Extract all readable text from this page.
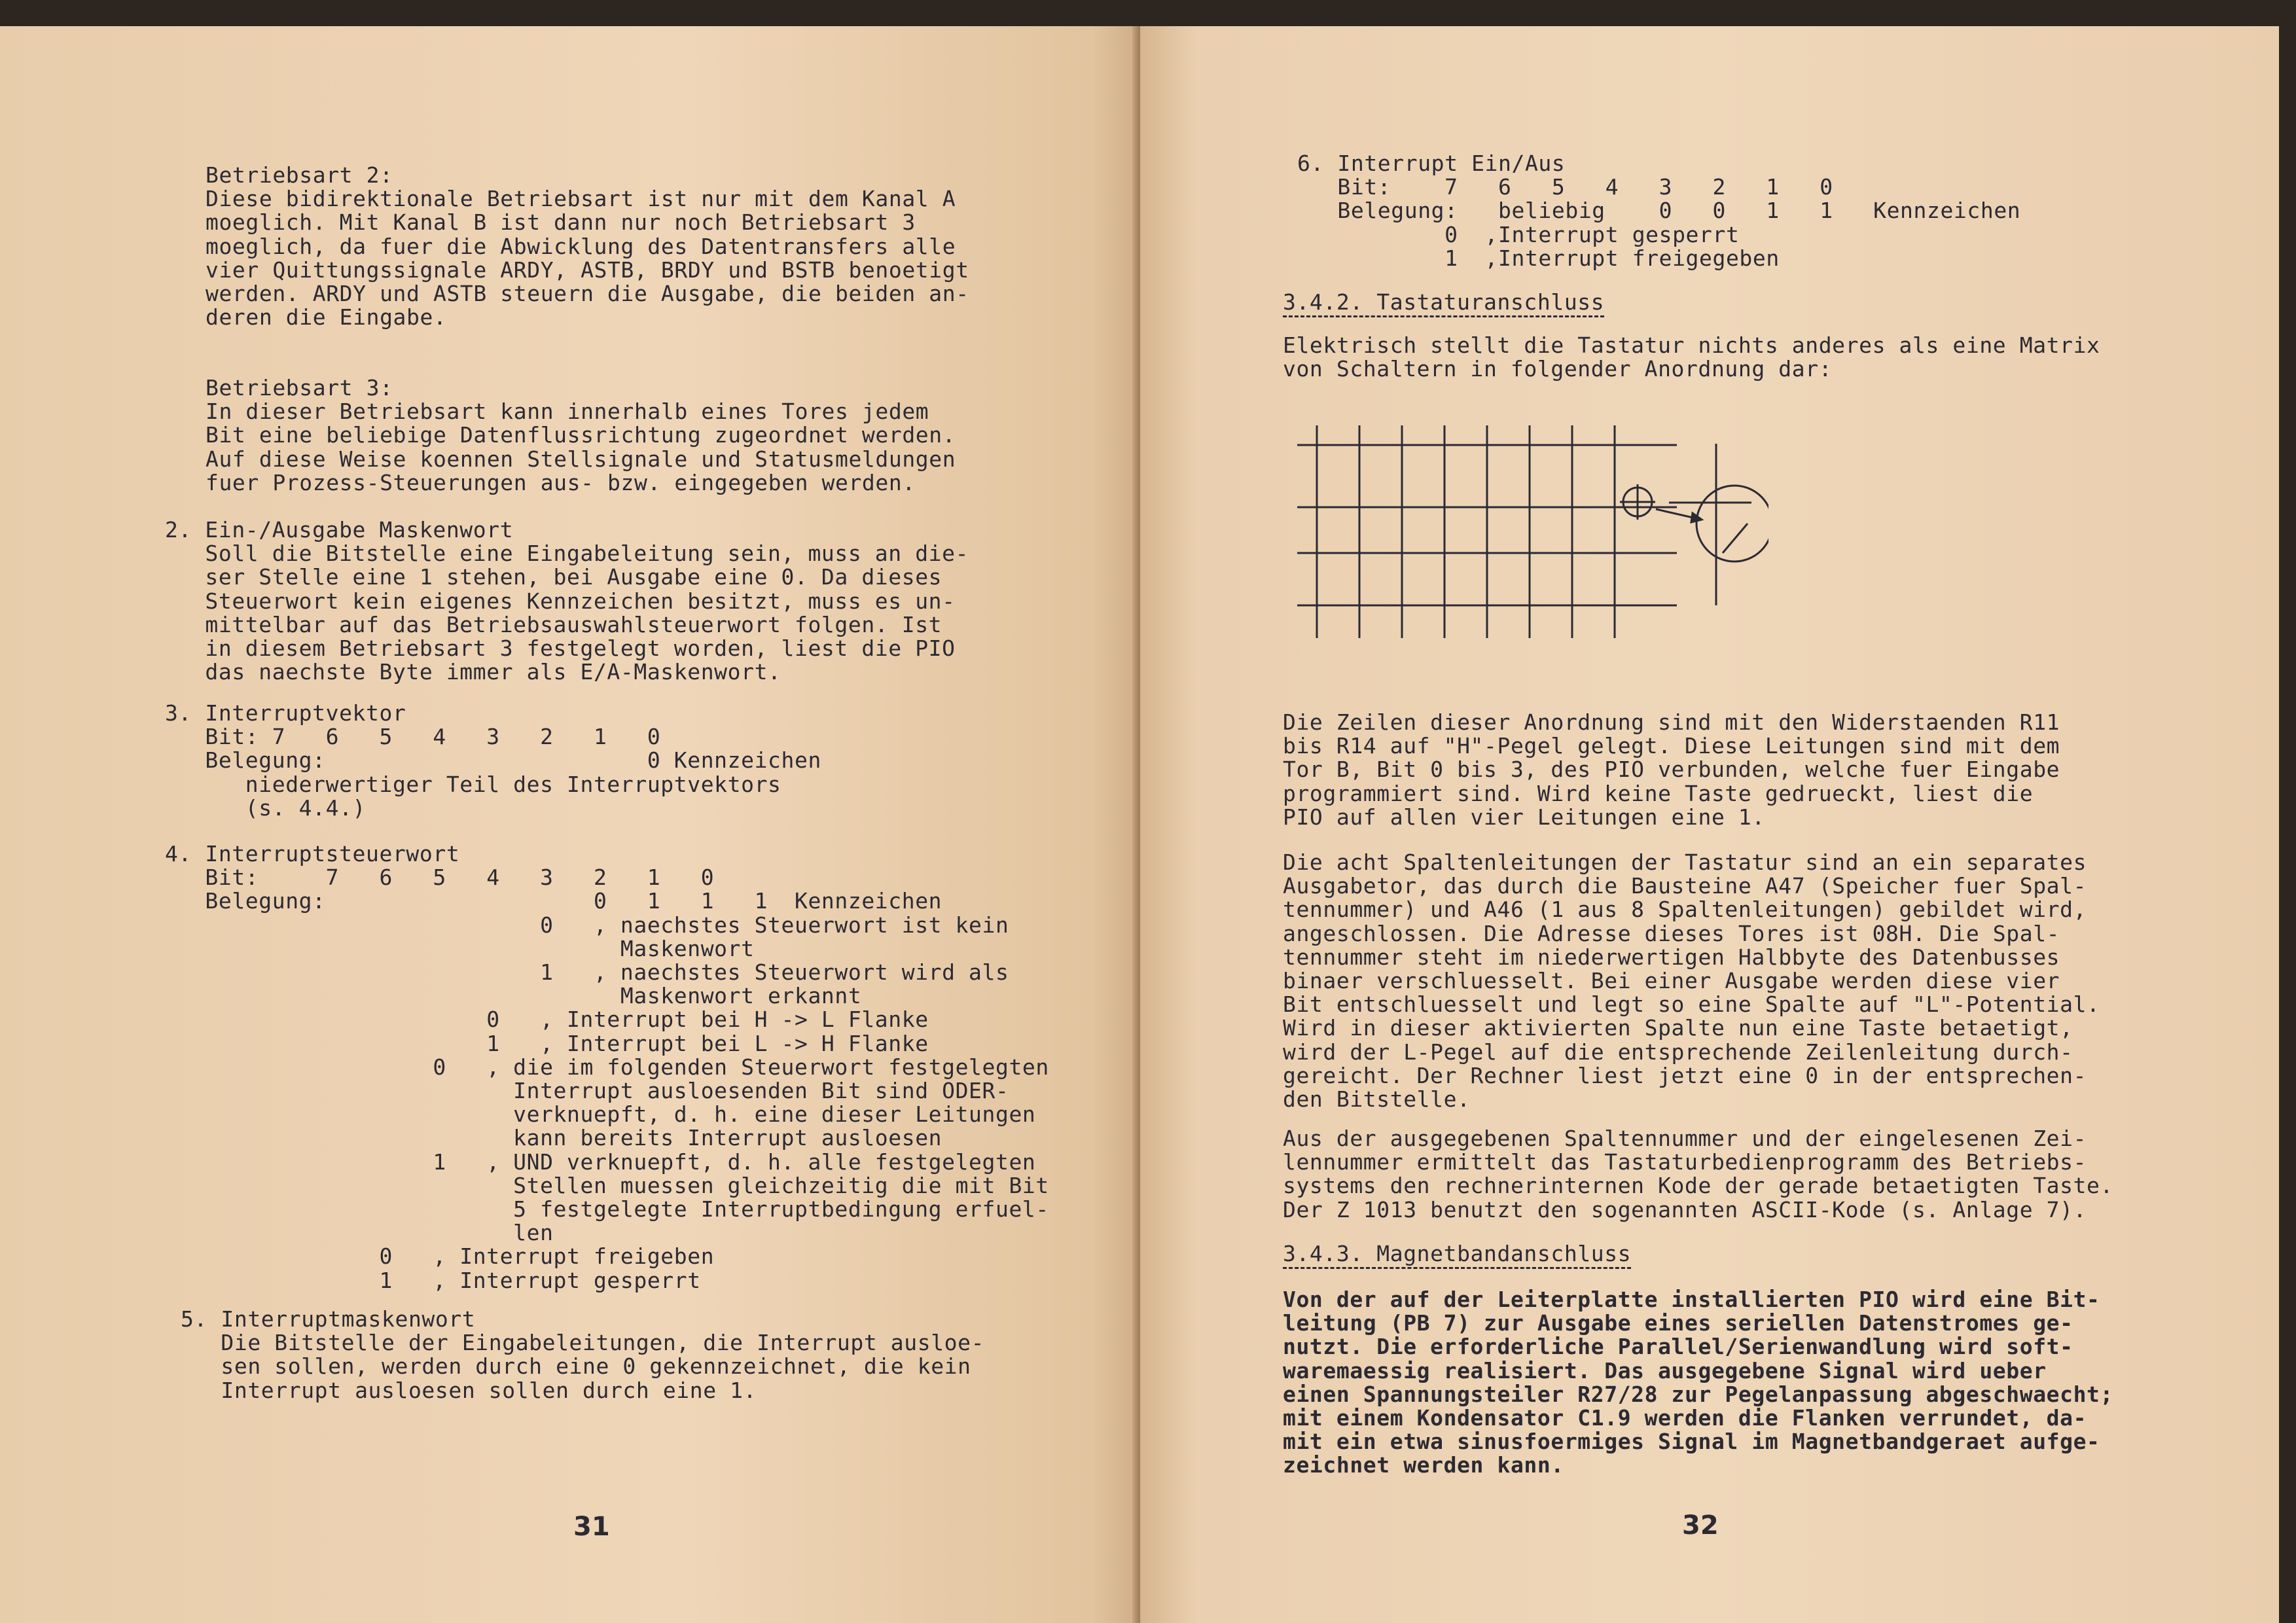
Betriebsart 2:
Diese bidirektionale Betriebsart ist nur mit dem Kanal A
moeglich. Mit Kanal B ist dann nur noch Betriebsart 3
moeglich, da fuer die Abwicklung des Datentransfers alle
vier Quittungssignale ARDY, ASTB, BRDY und BSTB benoetigt
werden. ARDY und ASTB steuern die Ausgabe, die beiden an-
deren die Eingabe.
Betriebsart 3:
In dieser Betriebsart kann innerhalb eines Tores jedem
Bit eine beliebige Datenflussrichtung zugeordnet werden.
Auf diese Weise koennen Stellsignale und Statusmeldungen
fuer Prozess-Steuerungen aus- bzw. eingegeben werden.
2. Ein-/Ausgabe Maskenwort
Soll die Bitstelle eine Eingabeleitung sein, muss an die-
ser Stelle eine 1 stehen, bei Ausgabe eine 0. Da dieses
Steuerwort kein eigenes Kennzeichen besitzt, muss es un-
mittelbar auf das Betriebsauswahlsteuerwort folgen. Ist
in diesem Betriebsart 3 festgelegt worden, liest die PIO
das naechste Byte immer als E/A-Maskenwort.
3. Interruptvektor
Bit: 7   6   5   4   3   2   1   0
Belegung:                        0 Kennzeichen
niederwertiger Teil des Interruptvektors
(s. 4.4.)
4. Interruptsteuerwort
Bit:     7   6   5   4   3   2   1   0
Belegung:                    0   1   1   1  Kennzeichen
0   , naechstes Steuerwort ist kein
Maskenwort
1   , naechstes Steuerwort wird als
Maskenwort erkannt
0   , Interrupt bei H -> L Flanke
1   , Interrupt bei L -> H Flanke
0   , die im folgenden Steuerwort festgelegten
Interrupt ausloesenden Bit sind ODER-
verknuepft, d. h. eine dieser Leitungen
kann bereits Interrupt ausloesen
1   , UND verknuepft, d. h. alle festgelegten
Stellen muessen gleichzeitig die mit Bit
5 festgelegte Interruptbedingung erfuel-
len
0   , Interrupt freigeben
1   , Interrupt gesperrt
5. Interruptmaskenwort
Die Bitstelle der Eingabeleitungen, die Interrupt ausloe-
sen sollen, werden durch eine 0 gekennzeichnet, die kein
Interrupt ausloesen sollen durch eine 1.
31
6. Interrupt Ein/Aus
Bit:    7   6   5   4   3   2   1   0
Belegung:   beliebig    0   0   1   1   Kennzeichen
0  ,Interrupt gesperrt
1  ,Interrupt freigegeben
3.4.2. Tastaturanschluss
Elektrisch stellt die Tastatur nichts anderes als eine Matrix
von Schaltern in folgender Anordnung dar:
Die Zeilen dieser Anordnung sind mit den Widerstaenden R11
bis R14 auf "H"-Pegel gelegt. Diese Leitungen sind mit dem
Tor B, Bit 0 bis 3, des PIO verbunden, welche fuer Eingabe
programmiert sind. Wird keine Taste gedrueckt, liest die
PIO auf allen vier Leitungen eine 1.
Die acht Spaltenleitungen der Tastatur sind an ein separates
Ausgabetor, das durch die Bausteine A47 (Speicher fuer Spal-
tennummer) und A46 (1 aus 8 Spaltenleitungen) gebildet wird,
angeschlossen. Die Adresse dieses Tores ist 08H. Die Spal-
tennummer steht im niederwertigen Halbbyte des Datenbusses
binaer verschluesselt. Bei einer Ausgabe werden diese vier
Bit entschluesselt und legt so eine Spalte auf "L"-Potential.
Wird in dieser aktivierten Spalte nun eine Taste betaetigt,
wird der L-Pegel auf die entsprechende Zeilenleitung durch-
gereicht. Der Rechner liest jetzt eine 0 in der entsprechen-
den Bitstelle.
Aus der ausgegebenen Spaltennummer und der eingelesenen Zei-
lennummer ermittelt das Tastaturbedienprogramm des Betriebs-
systems den rechnerinternen Kode der gerade betaetigten Taste.
Der Z 1013 benutzt den sogenannten ASCII-Kode (s. Anlage 7).
3.4.3. Magnetbandanschluss
Von der auf der Leiterplatte installierten PIO wird eine Bit-
leitung (PB 7) zur Ausgabe eines seriellen Datenstromes ge-
nutzt. Die erforderliche Parallel/Serienwandlung wird soft-
waremaessig realisiert. Das ausgegebene Signal wird ueber
einen Spannungsteiler R27/28 zur Pegelanpassung abgeschwaecht;
mit einem Kondensator C1.9 werden die Flanken verrundet, da-
mit ein etwa sinusfoermiges Signal im Magnetbandgeraet aufge-
zeichnet werden kann.
32
